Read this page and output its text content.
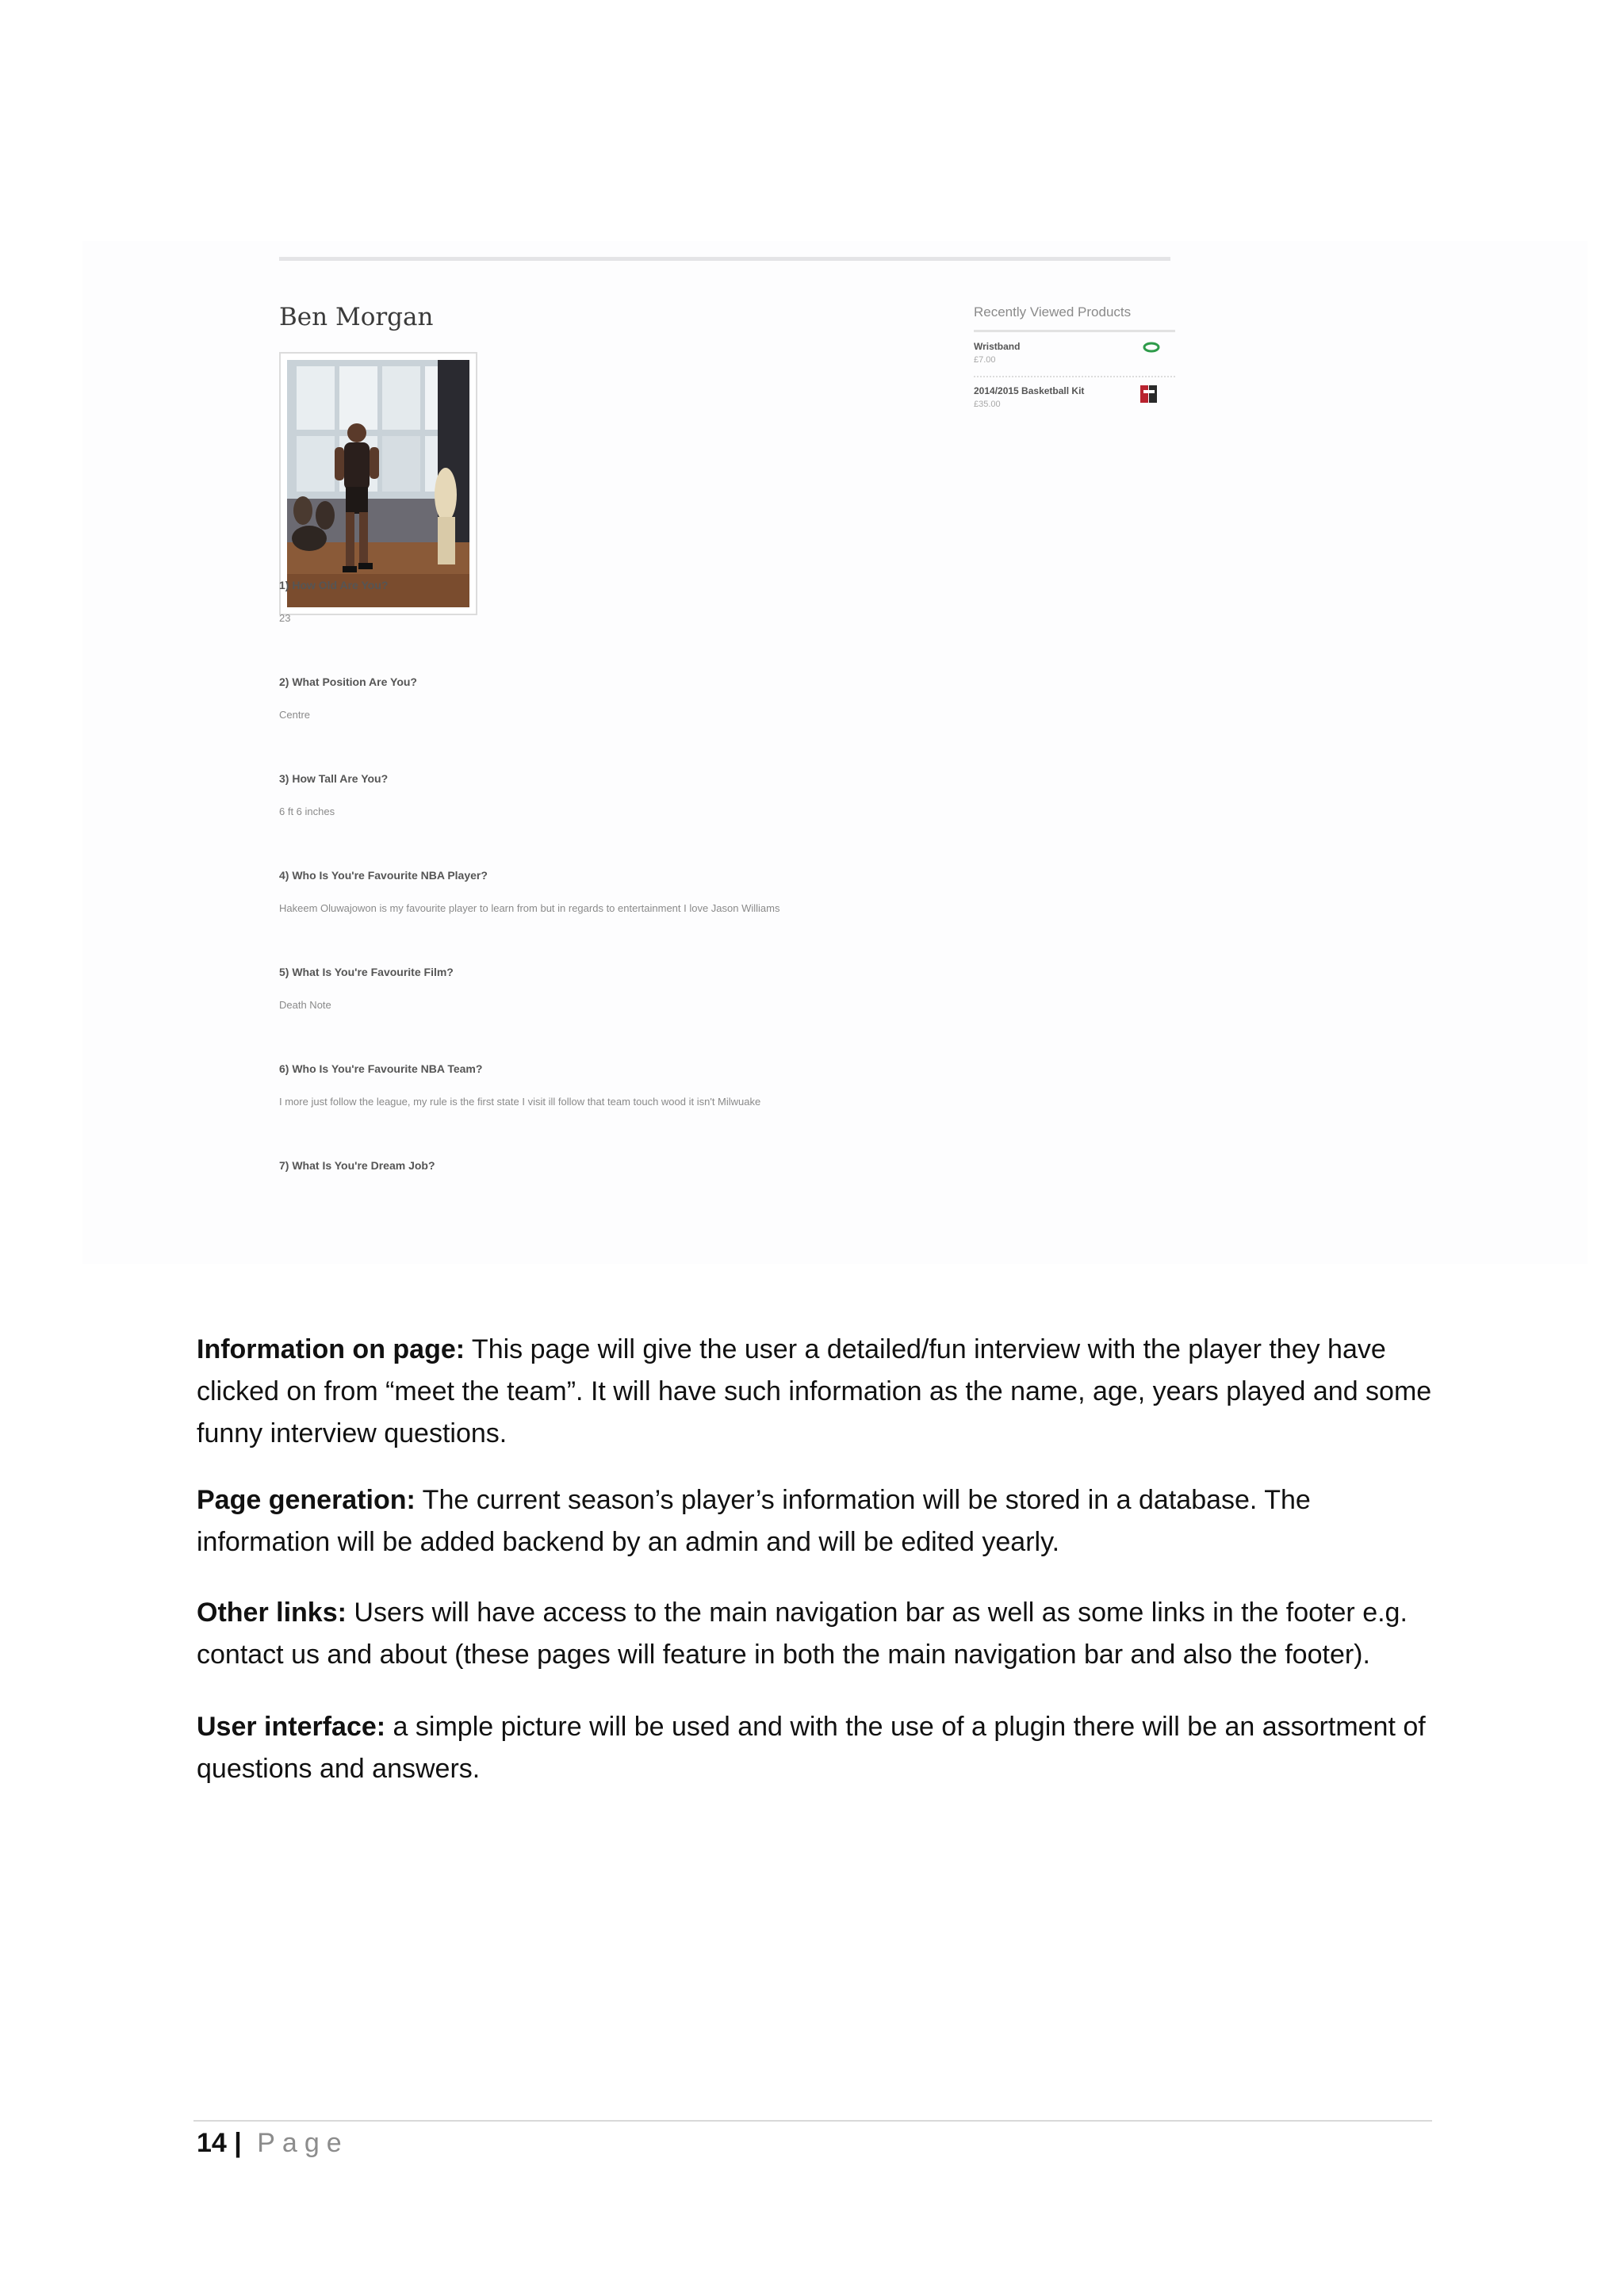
Ben Morgan
1) How Old Are You?
23
2) What Position Are You?
Centre
3) How Tall Are You?
6 ft 6 inches
4) Who Is You're Favourite NBA Player?
Hakeem Oluwajowon is my favourite player to learn from but in regards to entertainment I love Jason Williams
5) What Is You're Favourite Film?
Death Note
6) Who Is You're Favourite NBA Team?
I more just follow the league, my rule is the first state I visit ill follow that team touch wood it isn't Milwuake
7) What Is You're Dream Job?
Recently Viewed Products
Wristband
£7.00
2014/2015 Basketball Kit
£35.00
Information on page: This page will give the user a detailed/fun interview with the player they have clicked on from “meet the team”. It will have such information as the name, age, years played and some funny interview questions.
Page generation: The current season’s player’s information will be stored in a database. The information will be added backend by an admin and will be edited yearly.
Other links: Users will have access to the main navigation bar as well as some links in the footer e.g. contact us and about (these pages will feature in both the main navigation bar and also the footer).
User interface: a simple picture will be used and with the use of a plugin there will be an assortment of questions and answers.
14 | Page
